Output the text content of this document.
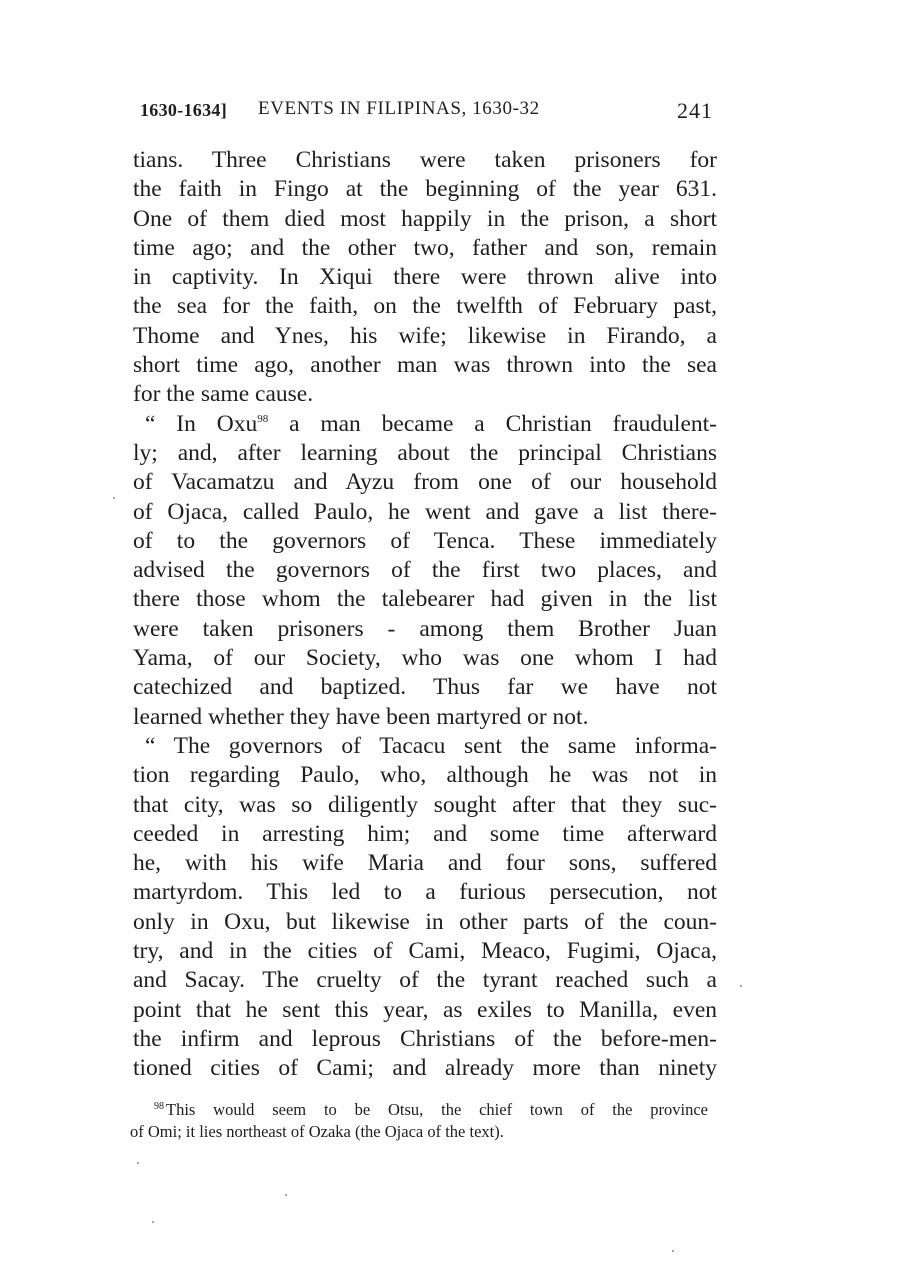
1630-1634] EVENTS IN FILIPINAS, 1630-32	241
tians. Three Christians were taken prisoners for
the faith in Fingo at the beginning of the year 631.
One of them died most happily in the prison, a short
time ago; and the other two, father and son, remain
in captivity. In Xiqui there were thrown alive into
the sea for the faith, on the twelfth of February past,
Thome and Ynes, his wife; likewise in Firando, a
short time ago, another man was thrown into the sea
for the same cause.
“ In Oxu$^{98}$ a man became a Christian fraudulent-
ly; and, after learning about the principal Christians
of Vacamatzu and Ayzu from one of our household
of Ojaca, called Paulo, he went and gave a list there-
of to the governors of Tenca. These immediately
advised the governors of the first two places, and
there those whom the talebearer had given in the list
were taken prisoners - among them Brother Juan
Yama, of our Society, who was one whom I had
catechized and baptized. Thus far we have not
learned whether they have been martyred or not.
“ The governors of Tacacu sent the same informa-
tion regarding Paulo, who, although he was not in
that city, was so diligently sought after that they suc-
ceeded in arresting him; and some time afterward
he, with his wife Maria and four sons, suffered
martyrdom. This led to a furious persecution, not
only in Oxu, but likewise in other parts of the coun-
try, and in the cities of Cami, Meaco, Fugimi, Ojaca,
and Sacay. The cruelty of the tyrant reached such a
point that he sent this year, as exiles to Manilla, even
the infirm and leprous Christians of the before-men-
tioned cities of Cami; and already more than ninety
$^{98}$ This would seem to be Otsu, the chief town of the province
of Omi; it lies northeast of Ozaka (the Ojaca of the text).
